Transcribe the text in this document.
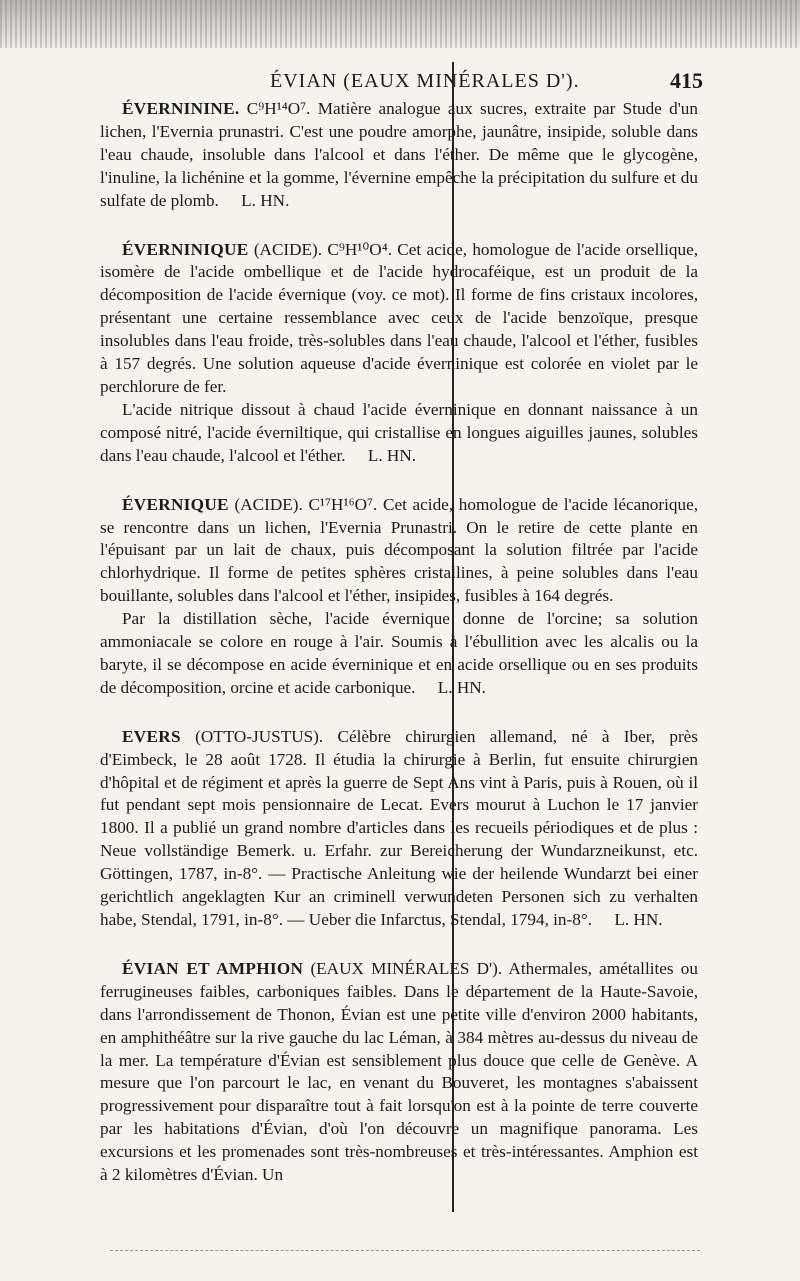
ÉVIAN (EAUX MINÉRALES D').	415

ÉVERNININE. C⁹H¹⁴O⁷. Matière analogue aux sucres, extraite par Stude d'un lichen, l'Evernia prunastri. C'est une poudre amorphe, jaunâtre, insipide, soluble dans l'eau chaude, insoluble dans l'alcool et dans l'éther. De même que le glycogène, l'inuline, la lichénine et la gomme, l'évernine empêche la précipitation du sulfure et du sulfate de plomb. L. HN.

ÉVERNINIQUE (ACIDE). C⁹H¹⁰O⁴. Cet acide, homologue de l'acide orsellique, isomère de l'acide ombellique et de l'acide hydrocaféique, est un produit de la décomposition de l'acide évernique (voy. ce mot). Il forme de fins cristaux incolores, présentant une certaine ressemblance avec ceux de l'acide benzoïque, presque insolubles dans l'eau froide, très-solubles dans l'eau chaude, l'alcool et l'éther, fusibles à 157 degrés. Une solution aqueuse d'acide éverninique est colorée en violet par le perchlorure de fer.

L'acide nitrique dissout à chaud l'acide éverninique en donnant naissance à un composé nitré, l'acide éverniltique, qui cristallise en longues aiguilles jaunes, solubles dans l'eau chaude, l'alcool et l'éther. L. HN.

ÉVERNIQUE (ACIDE). C¹⁷H¹⁶O⁷. Cet acide, homologue de l'acide lécanorique, se rencontre dans un lichen, l'Evernia Prunastri. On le retire de cette plante en l'épuisant par un lait de chaux, puis décomposant la solution filtrée par l'acide chlorhydrique. Il forme de petites sphères cristallines, à peine solubles dans l'eau bouillante, solubles dans l'alcool et l'éther, insipides, fusibles à 164 degrés.

Par la distillation sèche, l'acide évernique donne de l'orcine; sa solution ammoniacale se colore en rouge à l'air. Soumis à l'ébullition avec les alcalis ou la baryte, il se décompose en acide éverninique et en acide orsellique ou en ses produits de décomposition, orcine et acide carbonique. L. HN.

EVERS (OTTO-JUSTUS). Célèbre chirurgien allemand, né à Iber, près d'Eimbeck, le 28 août 1728. Il étudia la chirurgie à Berlin, fut ensuite chirurgien d'hôpital et de régiment et après la guerre de Sept Ans vint à Paris, puis à Rouen, où il fut pendant sept mois pensionnaire de Lecat. Evers mourut à Luchon le 17 janvier 1800. Il a publié un grand nombre d'articles dans les recueils périodiques et de plus : Neue vollständige Bemerk. u. Erfahr. zur Bereicherung der Wundarzneikunst, etc. Göttingen, 1787, in-8°. — Practische Anleitung wie der heilende Wundarzt bei einer gerichtlich angeklagten Kur an criminell verwundeten Personen sich zu verhalten habe, Stendal, 1791, in-8°. — Ueber die Infarctus, Stendal, 1794, in-8°. L. HN.

ÉVIAN ET AMPHION (EAUX MINÉRALES D'). Athermales, amétallites ou ferrugineuses faibles, carboniques faibles. Dans le département de la Haute-Savoie, dans l'arrondissement de Thonon, Évian est une petite ville d'environ 2000 habitants, en amphithéâtre sur la rive gauche du lac Léman, à 384 mètres au-dessus du niveau de la mer. La température d'Évian est sensiblement plus douce que celle de Genève. A mesure que l'on parcourt le lac, en venant du Bouveret, les montagnes s'abaissent progressivement pour disparaître tout à fait lorsqu'on est à la pointe de terre couverte par les habitations d'Évian, d'où l'on découvre un magnifique panorama. Les excursions et les promenades sont très-nombreuses et très-intéressantes. Amphion est à 2 kilomètres d'Évian. Un
